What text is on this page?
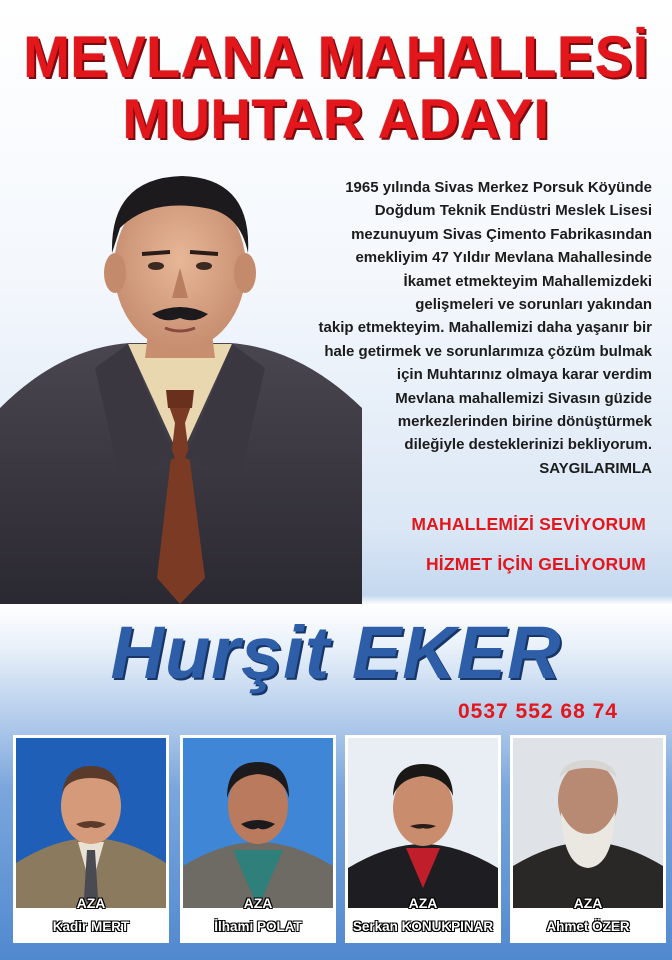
MEVLANA MAHALLESİ
MUHTAR ADAYI
1965 yılında Sivas Merkez Porsuk Köyünde
Doğdum Teknik Endüstri Meslek Lisesi
mezunuyum Sivas Çimento Fabrikasından
emekliyim 47 Yıldır Mevlana Mahallesinde
İkamet etmekteyim Mahallemizdeki
gelişmeleri ve sorunları yakından
takip etmekteyim. Mahallemizi daha yaşanır bir
hale getirmek ve sorunlarımıza çözüm bulmak
için Muhtarınız olmaya karar verdim
Mevlana mahallemizi Sivasın güzide
merkezlerinden birine dönüştürmek
dileğiyle desteklerinizi bekliyorum.
SAYGILARIMLA
MAHALLEMİZİ SEVİYORUM
HİZMET İÇİN GELİYORUM
Hurşit EKER
0537 552 68 74
AZA
Kadir MERT
AZA
İlhami POLAT
AZA
Serkan KONUKPINAR
AZA
Ahmet ÖZER
